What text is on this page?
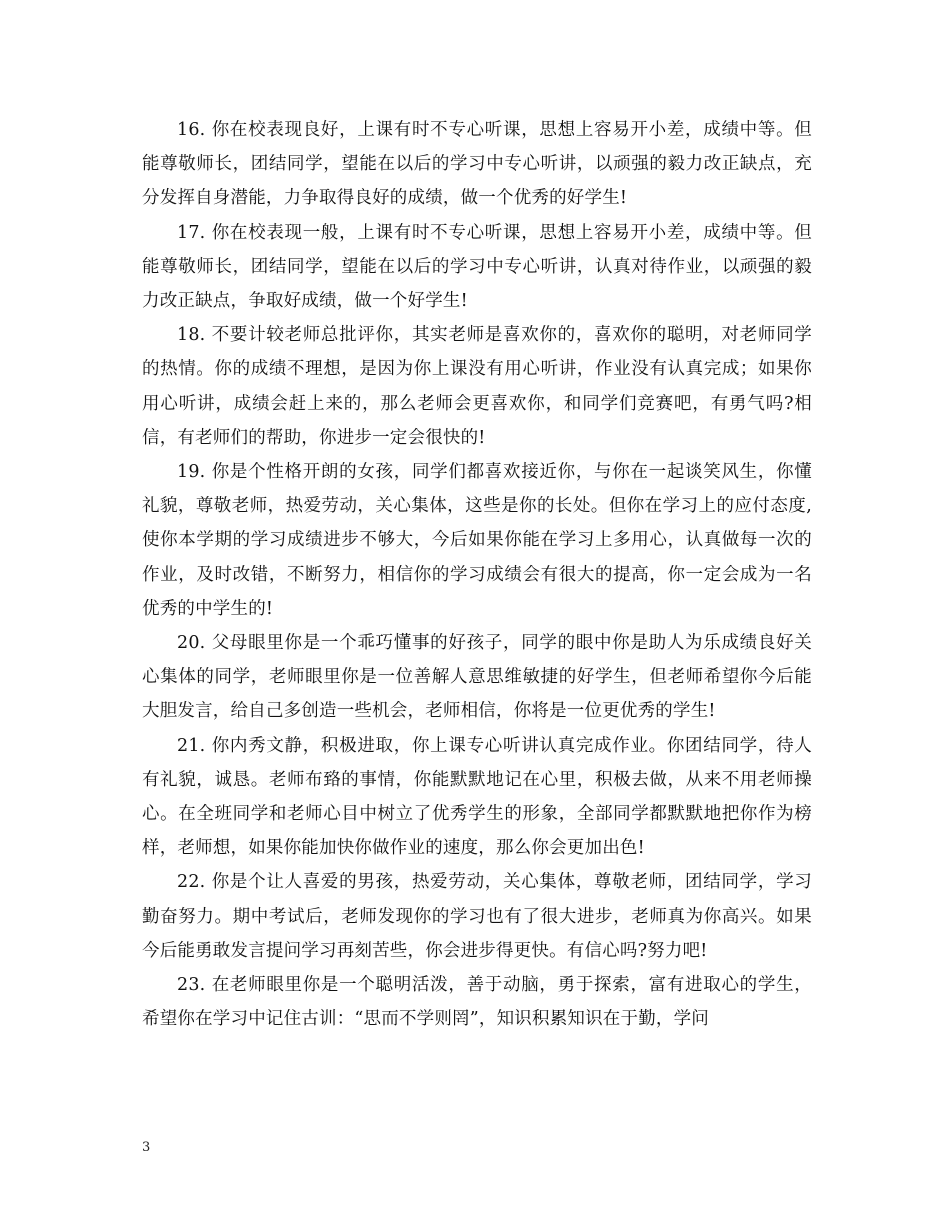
16. 你在校表现良好，上课有时不专心听课，思想上容易开小差，成绩中等。但能尊敬师长，团结同学，望能在以后的学习中专心听讲，以顽强的毅力改正缺点，充分发挥自身潜能，力争取得良好的成绩，做一个优秀的好学生!

17. 你在校表现一般，上课有时不专心听课，思想上容易开小差，成绩中等。但能尊敬师长，团结同学，望能在以后的学习中专心听讲，认真对待作业，以顽强的毅力改正缺点，争取好成绩，做一个好学生!

18. 不要计较老师总批评你，其实老师是喜欢你的，喜欢你的聪明，对老师同学的热情。你的成绩不理想，是因为你上课没有用心听讲，作业没有认真完成；如果你用心听讲，成绩会赶上来的，那么老师会更喜欢你，和同学们竞赛吧，有勇气吗?相信，有老师们的帮助，你进步一定会很快的!

19. 你是个性格开朗的女孩，同学们都喜欢接近你，与你在一起谈笑风生，你懂礼貌，尊敬老师，热爱劳动，关心集体，这些是你的长处。但你在学习上的应付态度,使你本学期的学习成绩进步不够大，今后如果你能在学习上多用心，认真做每一次的作业，及时改错，不断努力，相信你的学习成绩会有很大的提高，你一定会成为一名优秀的中学生的!

20. 父母眼里你是一个乖巧懂事的好孩子，同学的眼中你是助人为乐成绩良好关心集体的同学，老师眼里你是一位善解人意思维敏捷的好学生，但老师希望你今后能大胆发言，给自己多创造一些机会，老师相信，你将是一位更优秀的学生!

21. 你内秀文静，积极进取，你上课专心听讲认真完成作业。你团结同学，待人有礼貌，诚恳。老师布臵的事情，你能默默地记在心里，积极去做，从来不用老师操心。在全班同学和老师心目中树立了优秀学生的形象，全部同学都默默地把你作为榜样，老师想，如果你能加快你做作业的速度，那么你会更加出色!

22. 你是个让人喜爱的男孩，热爱劳动，关心集体，尊敬老师，团结同学，学习勤奋努力。期中考试后，老师发现你的学习也有了很大进步，老师真为你高兴。如果今后能勇敢发言提问学习再刻苦些，你会进步得更快。有信心吗?努力吧!

23. 在老师眼里你是一个聪明活泼，善于动脑，勇于探索，富有进取心的学生，希望你在学习中记住古训：“思而不学则罔”，知识积累知识在于勤，学问

3
